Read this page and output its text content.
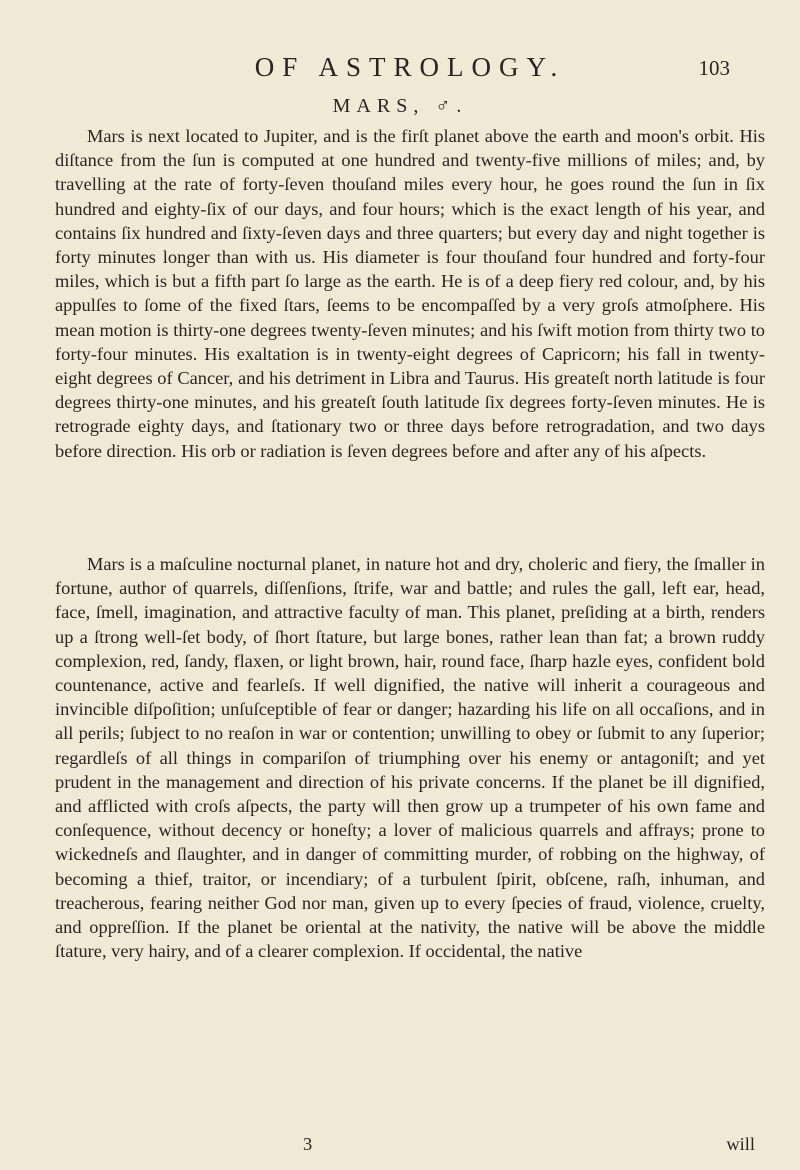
OF ASTROLOGY.	103
MARS, ♂.

Mars is next located to Jupiter, and is the firſt planet above the earth and moon's orbit. His diſtance from the ſun is computed at one hundred and twenty-five millions of miles; and, by travelling at the rate of forty-ſeven thouſand miles every hour, he goes round the ſun in ſix hundred and eighty-ſix of our days, and four hours; which is the exact length of his year, and contains ſix hundred and ſixty-ſeven days and three quarters; but every day and night together is forty minutes longer than with us. His diameter is four thouſand four hundred and forty-four miles, which is but a fifth part ſo large as the earth. He is of a deep fiery red colour, and, by his appulſes to ſome of the fixed ſtars, ſeems to be encompaſſed by a very groſs atmoſphere. His mean motion is thirty-one degrees twenty-ſeven minutes; and his ſwift motion from thirty two to forty-four minutes. His exaltation is in twenty-eight degrees of Capricorn; his fall in twenty-eight degrees of Cancer, and his detriment in Libra and Taurus. His greateſt north latitude is four degrees thirty-one minutes, and his greateſt ſouth latitude ſix degrees forty-ſeven minutes. He is retrograde eighty days, and ſtationary two or three days before retrogradation, and two days before direction. His orb or radiation is ſeven degrees before and after any of his aſpects.

Mars is a maſculine nocturnal planet, in nature hot and dry, choleric and fiery, the ſmaller in fortune, author of quarrels, diſſenſions, ſtrife, war and battle; and rules the gall, left ear, head, face, ſmell, imagination, and attractive faculty of man. This planet, preſiding at a birth, renders up a ſtrong well-ſet body, of ſhort ſtature, but large bones, rather lean than fat; a brown ruddy complexion, red, ſandy, flaxen, or light brown, hair, round face, ſharp hazle eyes, confident bold countenance, active and fearleſs. If well dignified, the native will inherit a courageous and invincible diſpoſition; unſuſceptible of fear or danger; hazarding his life on all occaſions, and in all perils; ſubject to no reaſon in war or contention; unwilling to obey or ſubmit to any ſuperior; regardleſs of all things in compariſon of triumphing over his enemy or antagoniſt; and yet prudent in the management and direction of his private concerns. If the planet be ill dignified, and afflicted with croſs aſpects, the party will then grow up a trumpeter of his own fame and conſequence, without decency or honeſty; a lover of malicious quarrels and affrays; prone to wickedneſs and ſlaughter, and in danger of committing murder, of robbing on the highway, of becoming a thief, traitor, or incendiary; of a turbulent ſpirit, obſcene, raſh, inhuman, and treacherous, fearing neither God nor man, given up to every ſpecies of fraud, violence, cruelty, and oppreſſion. If the planet be oriental at the nativity, the native will be above the middle ſtature, very hairy, and of a clearer complexion. If occidental, the native

3	will
